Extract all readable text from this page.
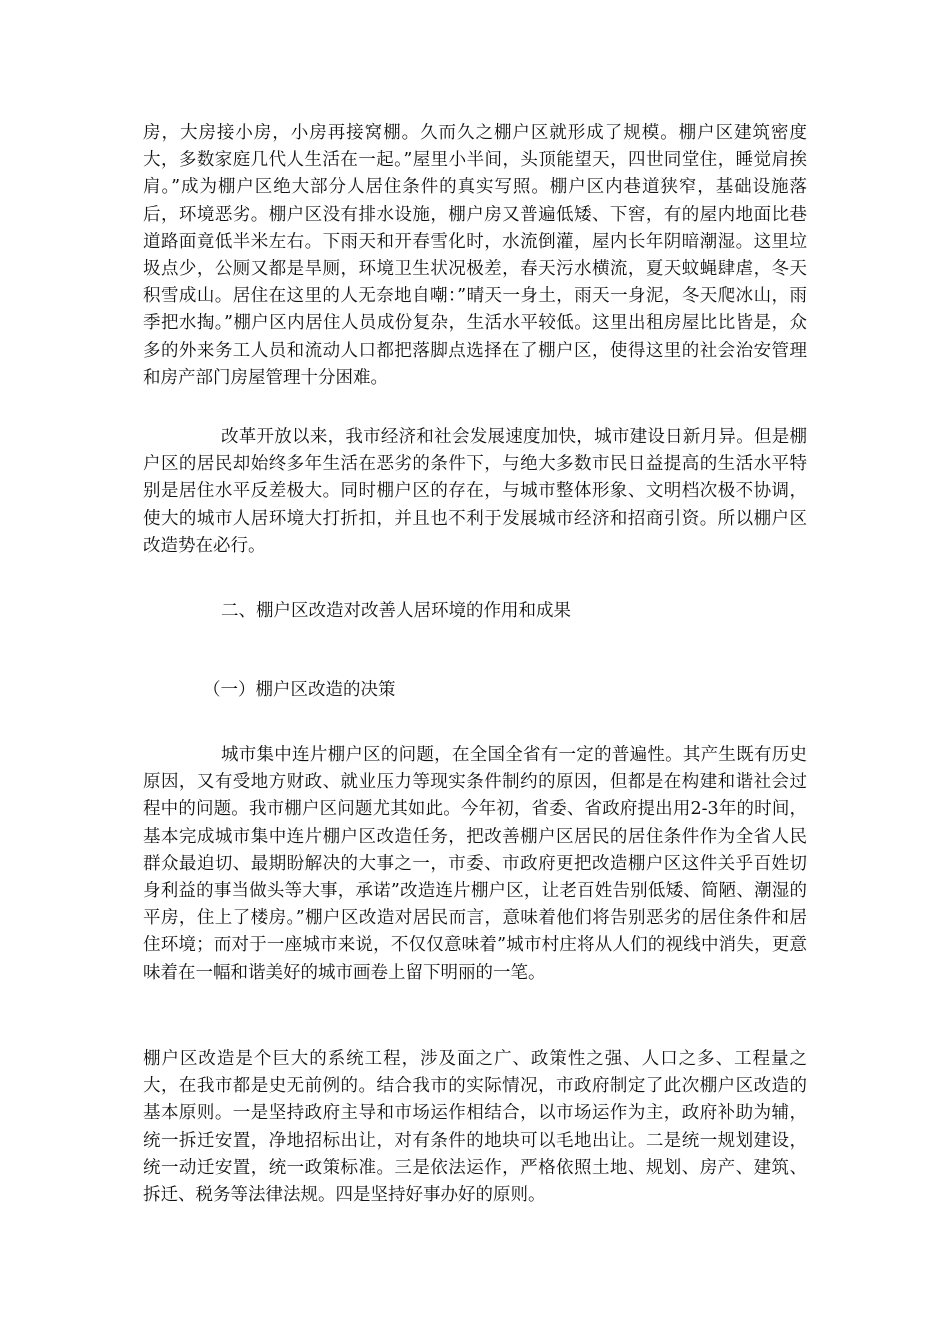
房，大房接小房，小房再接窝棚。久而久之棚户区就形成了规模。棚户区建筑密度大，多数家庭几代人生活在一起。”屋里小半间，头顶能望天，四世同堂住，睡觉肩挨肩。”成为棚户区绝大部分人居住条件的真实写照。棚户区内巷道狭窄，基础设施落后，环境恶劣。棚户区没有排水设施，棚户房又普遍低矮、下窖，有的屋内地面比巷道路面竟低半米左右。下雨天和开春雪化时，水流倒灌，屋内长年阴暗潮湿。这里垃圾点少，公厕又都是旱厕，环境卫生状况极差，春天污水横流，夏天蚊蝇肆虐，冬天积雪成山。居住在这里的人无奈地自嘲：”晴天一身土，雨天一身泥，冬天爬冰山，雨季把水掏。”棚户区内居住人员成份复杂，生活水平较低。这里出租房屋比比皆是，众多的外来务工人员和流动人口都把落脚点选择在了棚户区，使得这里的社会治安管理和房产部门房屋管理十分困难。

改革开放以来，我市经济和社会发展速度加快，城市建设日新月异。但是棚户区的居民却始终多年生活在恶劣的条件下，与绝大多数市民日益提高的生活水平特别是居住水平反差极大。同时棚户区的存在，与城市整体形象、文明档次极不协调，使大的城市人居环境大打折扣，并且也不利于发展城市经济和招商引资。所以棚户区改造势在必行。

二、棚户区改造对改善人居环境的作用和成果

（一）棚户区改造的决策

城市集中连片棚户区的问题，在全国全省有一定的普遍性。其产生既有历史原因，又有受地方财政、就业压力等现实条件制约的原因，但都是在构建和谐社会过程中的问题。我市棚户区问题尤其如此。今年初，省委、省政府提出用2-3年的时间，基本完成城市集中连片棚户区改造任务，把改善棚户区居民的居住条件作为全省人民群众最迫切、最期盼解决的大事之一，市委、市政府更把改造棚户区这件关乎百姓切身利益的事当做头等大事，承诺”改造连片棚户区，让老百姓告别低矮、简陋、潮湿的平房，住上了楼房。”棚户区改造对居民而言，意味着他们将告别恶劣的居住条件和居住环境；而对于一座城市来说，不仅仅意味着”城市村庄将从人们的视线中消失，更意味着在一幅和谐美好的城市画卷上留下明丽的一笔。

棚户区改造是个巨大的系统工程，涉及面之广、政策性之强、人口之多、工程量之大，在我市都是史无前例的。结合我市的实际情况，市政府制定了此次棚户区改造的基本原则。一是坚持政府主导和市场运作相结合，以市场运作为主，政府补助为辅，统一拆迁安置，净地招标出让，对有条件的地块可以毛地出让。二是统一规划建设，统一动迁安置，统一政策标准。三是依法运作，严格依照土地、规划、房产、建筑、拆迁、税务等法律法规。四是坚持好事办好的原则。
